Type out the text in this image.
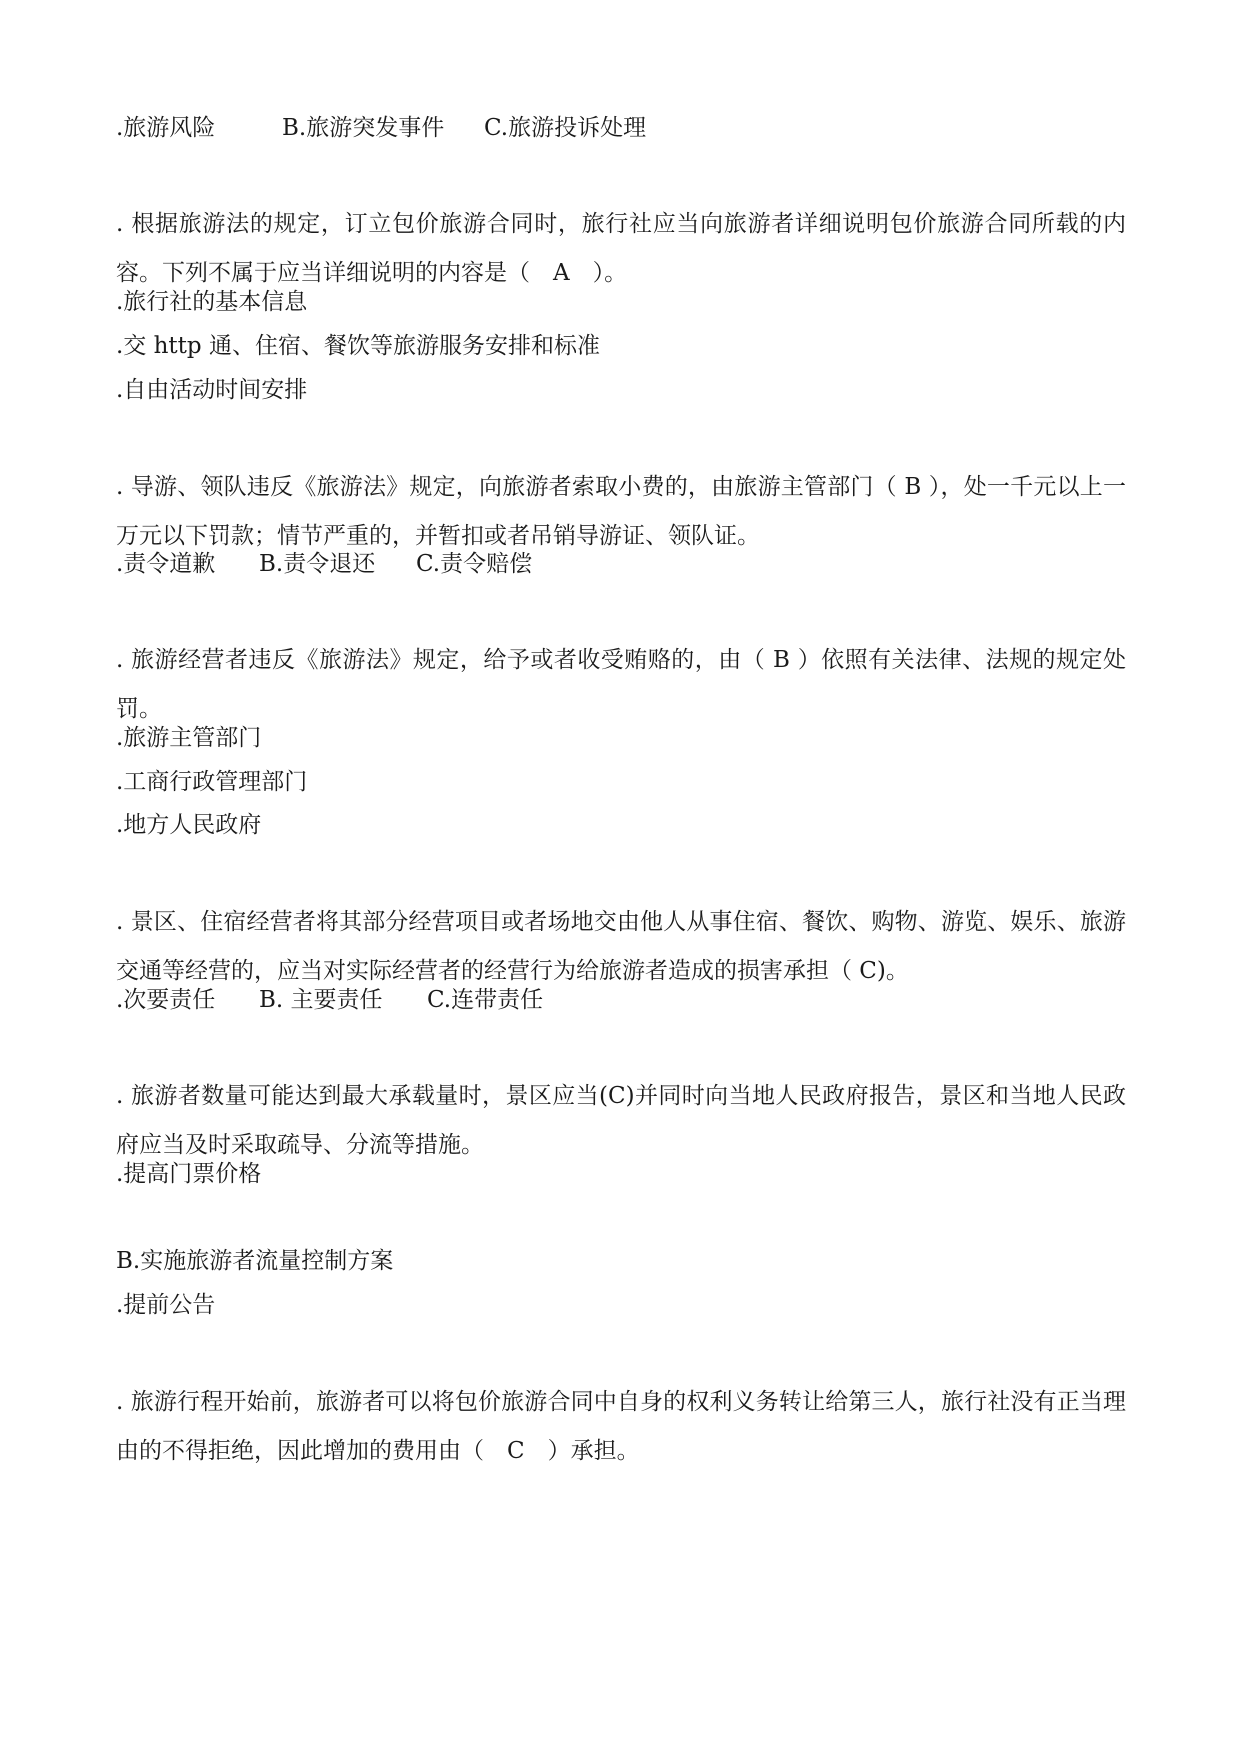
.旅游风险	B.旅游突发事件 C.旅游投诉处理
. 根据旅游法的规定，订立包价旅游合同时，旅行社应当向旅游者详细说明包价旅游合同所载的内容。下列不属于应当详细说明的内容是（　A　）。
.旅行社的基本信息
.交 http 通、住宿、餐饮等旅游服务安排和标准
.自由活动时间安排
. 导游、领队违反《旅游法》规定，向旅游者索取小费的，由旅游主管部门（ B ），处一千元以上一万元以下罚款；情节严重的，并暂扣或者吊销导游证、领队证。
.责令道歉 B.责令退还 C.责令赔偿
. 旅游经营者违反《旅游法》规定，给予或者收受贿赂的，由（ B ）依照有关法律、法规的规定处罚。
.旅游主管部门
.工商行政管理部门
.地方人民政府
. 景区、住宿经营者将其部分经营项目或者场地交由他人从事住宿、餐饮、购物、游览、娱乐、旅游交通等经营的，应当对实际经营者的经营行为给旅游者造成的损害承担（ C)。
.次要责任 B. 主要责任 C.连带责任
. 旅游者数量可能达到最大承载量时，景区应当(C)并同时向当地人民政府报告，景区和当地人民政府应当及时采取疏导、分流等措施。
.提高门票价格
B.实施旅游者流量控制方案
.提前公告
. 旅游行程开始前，旅游者可以将包价旅游合同中自身的权利义务转让给第三人，旅行社没有正当理由的不得拒绝，因此增加的费用由（　C　）承担。
